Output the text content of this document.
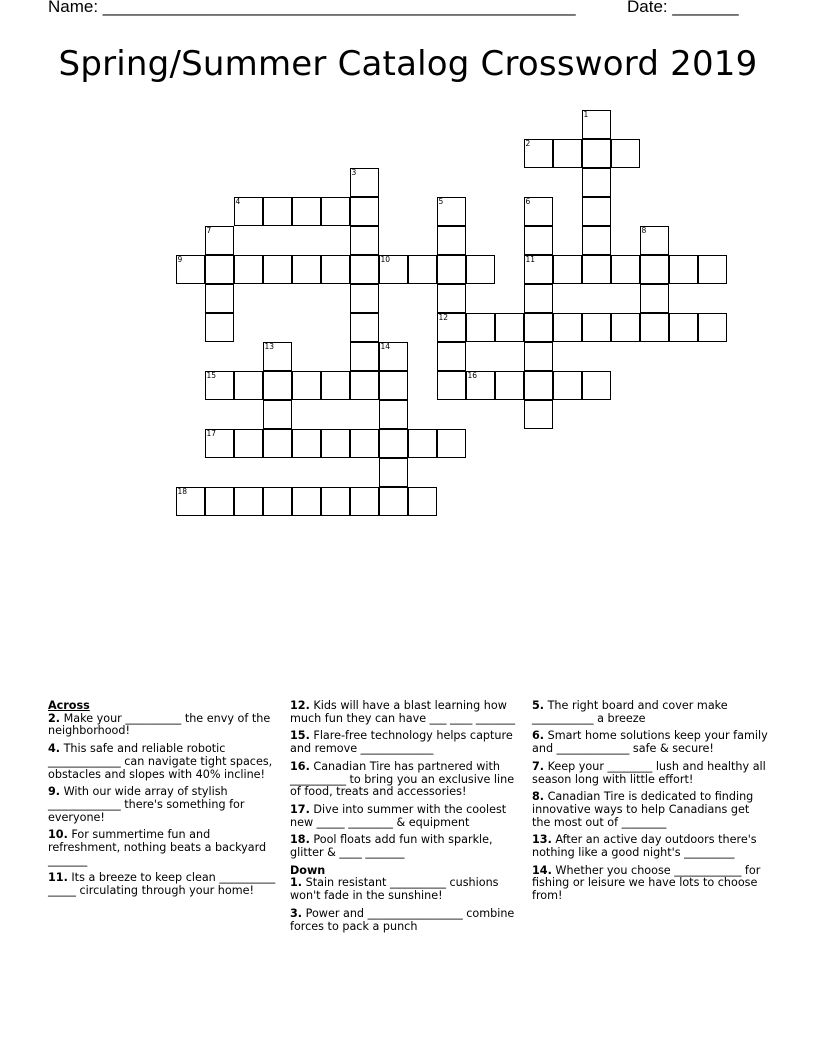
Name: __________________________________________________	Date: _______
Spring/Summer Catalog Crossword 2019
1
2
3
4	5
12
6
11
7	8
9	10
13	14
15	16
17
18
Across
2. Make your __________ the envy of the neighborhood!
4. This safe and reliable robotic _____________ can navigate tight spaces, obstacles and slopes with 40% incline!
9. With our wide array of stylish _____________ there's something for everyone!
10. For summertime fun and refreshment, nothing beats a backyard _______
11. Its a breeze to keep clean __________ _____ circulating through your home!
12. Kids will have a blast learning how much fun they can have ___ ____ _______
15. Flare-free technology helps capture and remove _____________
16. Canadian Tire has partnered with __________ to bring you an exclusive line of food, treats and accessories!
17. Dive into summer with the coolest new _____ ________ & equipment
18. Pool floats add fun with sparkle, glitter & ____ _______
Down
1. Stain resistant __________ cushions won't fade in the sunshine!
3. Power and _________________ combine forces to pack a punch
5. The right board and cover make ___________ a breeze
6. Smart home solutions keep your family and _____________ safe & secure!
7. Keep your ________ lush and healthy all season long with little effort!
8. Canadian Tire is dedicated to finding innovative ways to help Canadians get the most out of ________
13. After an active day outdoors there's nothing like a good night's _________
14. Whether you choose ____________ for fishing or leisure we have lots to choose from!
